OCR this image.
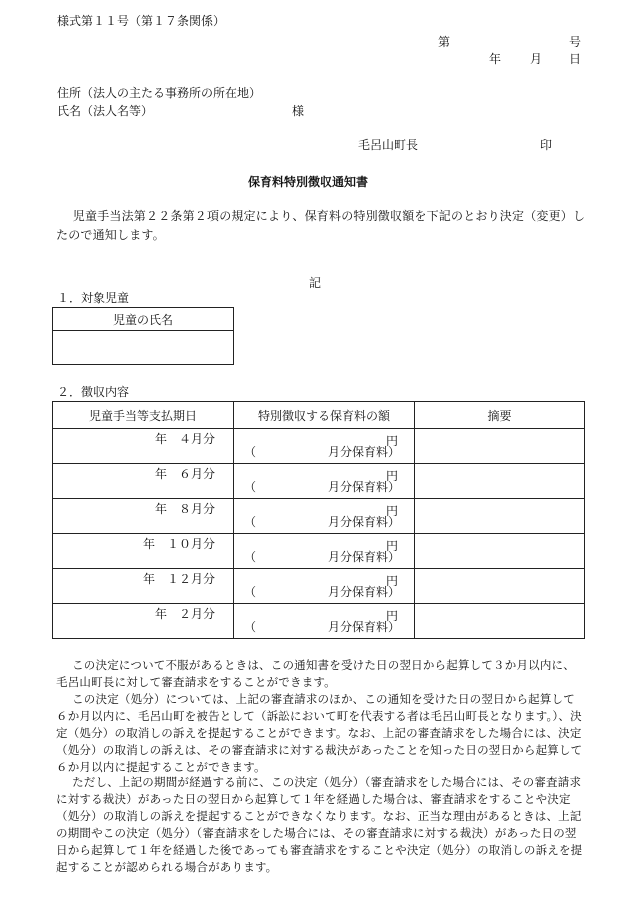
様式第１１号（第１７条関係）
第	号
年 月 日
住所（法人の主たる事務所の所在地）
氏名（法人名等）	様
毛呂山町長	印
保育料特別徴収通知書
児童手当法第２２条第２項の規定により、保育料の特別徴収額を下記のとおり決定（変更）したので通知します。
記
１．対象児童
児童の氏名

２．徴収内容
児童手当等支払期日	特別徴収する保育料の額	摘要

年 ４月分	円
（ 月分保育料）	

年 ６月分	円
（ 月分保育料）	

年 ８月分	円
（ 月分保育料）	

年 １０月分	円
（ 月分保育料）	

年 １２月分	円
（ 月分保育料）	

年 ２月分	円
（ 月分保育料）	

この決定について不服があるときは、この通知書を受けた日の翌日から起算して３か月以内に、毛呂山町長に対して審査請求をすることができます。
この決定（処分）については、上記の審査請求のほか、この通知を受けた日の翌日から起算して６か月以内に、毛呂山町を被告として（訴訟において町を代表する者は毛呂山町長となります。）、決定（処分）の取消しの訴えを提起することができます。なお、上記の審査請求をした場合には、決定（処分）の取消しの訴えは、その審査請求に対する裁決があったことを知った日の翌日から起算して６か月以内に提起することができます。
ただし、上記の期間が経過する前に、この決定（処分）（審査請求をした場合には、その審査請求に対する裁決）があった日の翌日から起算して１年を経過した場合は、審査請求をすることや決定（処分）の取消しの訴えを提起することができなくなります。なお、正当な理由があるときは、上記の期間やこの決定（処分）（審査請求をした場合には、その審査請求に対する裁決）があった日の翌日から起算して１年を経過した後であっても審査請求をすることや決定（処分）の取消しの訴えを提起することが認められる場合があります。
